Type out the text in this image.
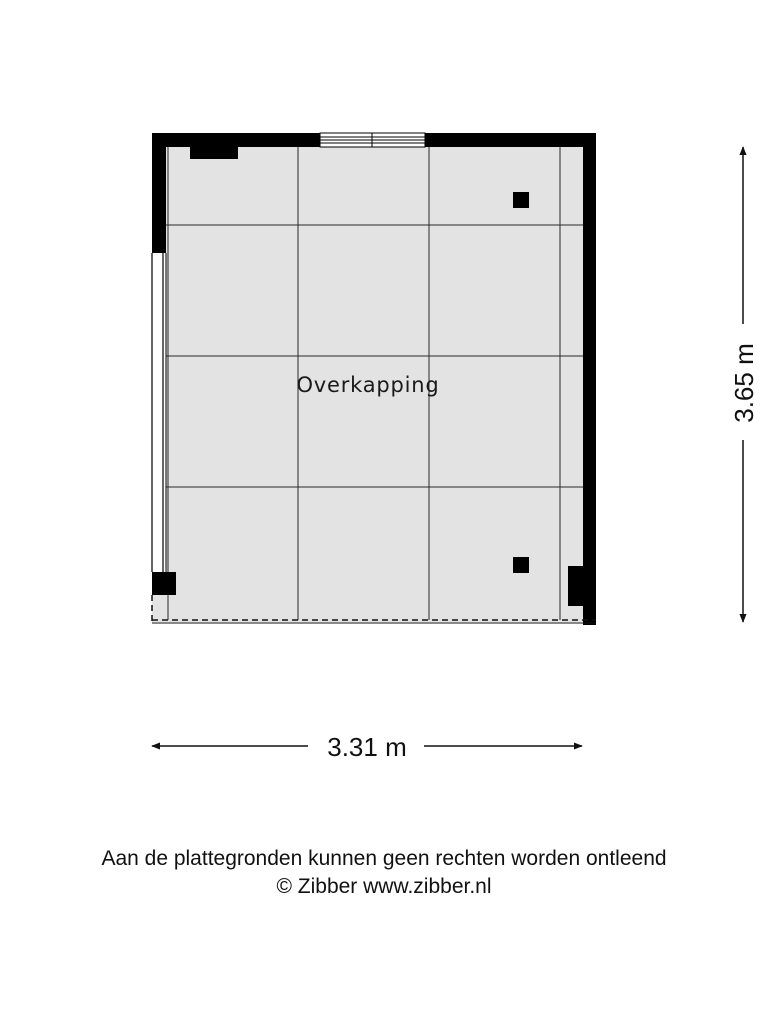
Overkapping
3.31 m
3.65 m
Aan de plattegronden kunnen geen rechten worden ontleend
© Zibber www.zibber.nl
